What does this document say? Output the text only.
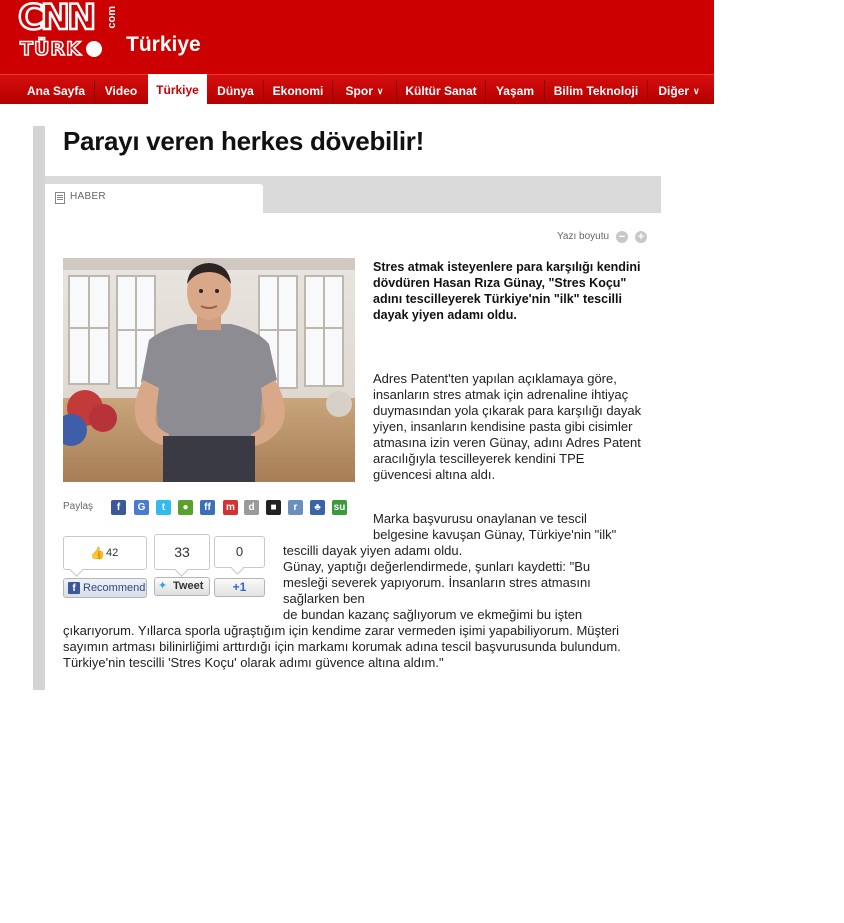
CNN
TÜRK
com
Türkiye
Ana Sayfa	Video	Türkiye	Dünya	Ekonomi	Spor ∨	Kültür Sanat	Yaşam	Bilim Teknoloji	Diğer ∨
Parayı veren herkes dövebilir!
HABER
Yazı boyutu − +

Stres atmak isteyenlere para karşılığı kendini dövdüren Hasan Rıza Günay, "Stres Koçu" adını tescilleyerek Türkiye'nin "ilk" tescilli dayak yiyen adamı oldu.

Adres Patent'ten yapılan açıklamaya göre, insanların stres atmak için adrenaline ihtiyaç duymasından yola çıkarak para karşılığı dayak yiyen, insanların kendisine pasta gibi cisimler atmasına izin veren Günay, adını Adres Patent aracılığıyla tescilleyerek kendini TPE güvencesi altına aldı.

Marka başvurusu onaylanan ve tescil belgesine kavuşan Günay, Türkiye'nin "ilk"

tescilli dayak yiyen adamı oldu.

Günay, yaptığı değerlendirmede, şunları kaydetti: "Bu mesleği severek yapıyorum. İnsanların stres atmasını sağlarken ben

de bundan kazanç sağlıyorum ve ekmeğimi bu işten çıkarıyorum. Yıllarca sporla uğraştığım için kendime zarar vermeden işimi yapabiliyorum. Müşteri sayımın artması bilinirliğimi arttırdığı için markamı korumak adına tescil başvurusunda bulundum. Türkiye'nin tescilli 'Stres Koçu' olarak adımı güvence altına aldım."

Paylaş	f	G	t	●	ff	m	d	■	r	♣	su
👍 42
f Recommend
33
✦ Tweet
0
+1
